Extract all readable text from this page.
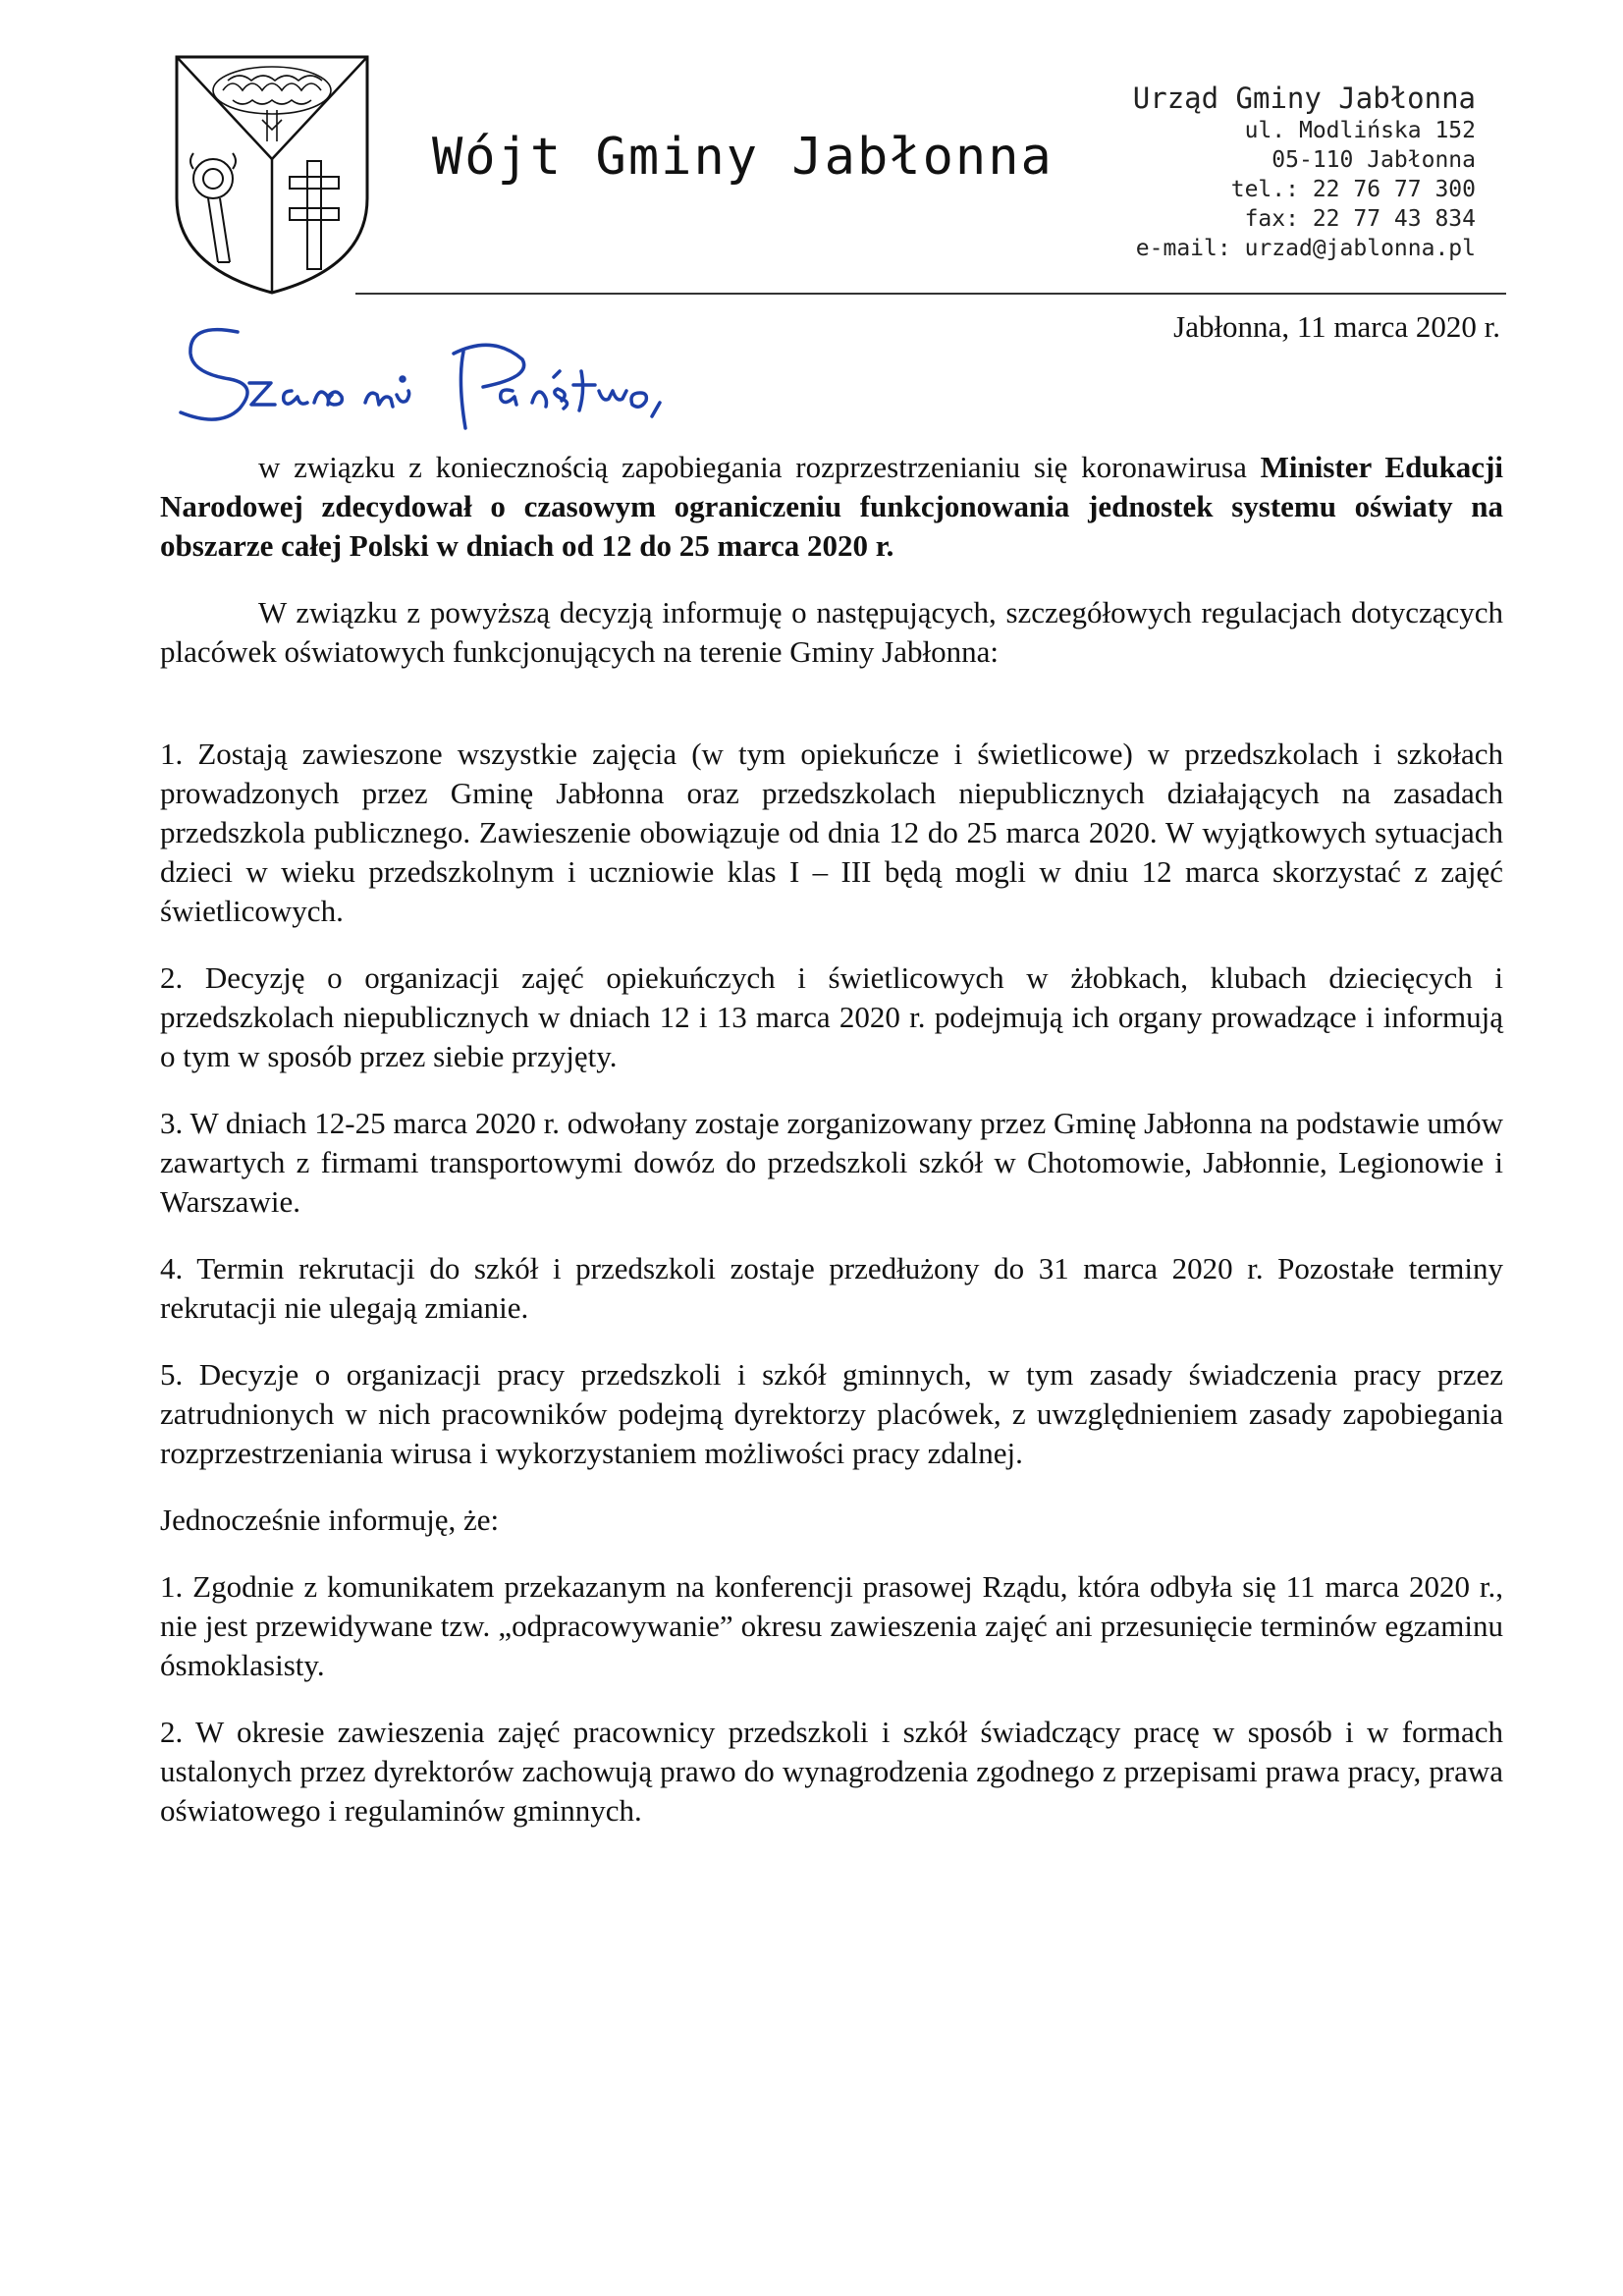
Wójt Gminy Jabłonna
Urząd Gminy Jabłonna
ul. Modlińska 152
05-110 Jabłonna
tel.: 22 76 77 300
fax: 22 77 43 834
e-mail: urzad@jablonna.pl
Jabłonna, 11 marca 2020 r.

w związku z koniecznością zapobiegania rozprzestrzenianiu się koronawirusa Minister Edukacji Narodowej zdecydował o czasowym ograniczeniu funkcjonowania jednostek systemu oświaty na obszarze całej Polski w dniach od 12 do 25 marca 2020 r.

W związku z powyższą decyzją informuję o następujących, szczegółowych regulacjach dotyczących placówek oświatowych funkcjonujących na terenie Gminy Jabłonna:

1. Zostają zawieszone wszystkie zajęcia (w tym opiekuńcze i świetlicowe) w przedszkolach i szkołach prowadzonych przez Gminę Jabłonna oraz przedszkolach niepublicznych działających na zasadach przedszkola publicznego. Zawieszenie obowiązuje od dnia 12 do 25 marca 2020. W wyjątkowych sytuacjach dzieci w wieku przedszkolnym i uczniowie klas I – III będą mogli w dniu 12 marca skorzystać z zajęć świetlicowych.

2. Decyzję o organizacji zajęć opiekuńczych i świetlicowych w żłobkach, klubach dziecięcych i przedszkolach niepublicznych w dniach 12 i 13 marca 2020 r. podejmują ich organy prowadzące i informują o tym w sposób przez siebie przyjęty.

3. W dniach 12-25 marca 2020 r. odwołany zostaje zorganizowany przez Gminę Jabłonna na podstawie umów zawartych z firmami transportowymi dowóz do przedszkoli szkół w Chotomowie, Jabłonnie, Legionowie i Warszawie.

4. Termin rekrutacji do szkół i przedszkoli zostaje przedłużony do 31 marca 2020 r. Pozostałe terminy rekrutacji nie ulegają zmianie.

5. Decyzje o organizacji pracy przedszkoli i szkół gminnych, w tym zasady świadczenia pracy przez zatrudnionych w nich pracowników podejmą dyrektorzy placówek, z uwzględnieniem zasady zapobiegania rozprzestrzeniania wirusa i wykorzystaniem możliwości pracy zdalnej.

Jednocześnie informuję, że:

1. Zgodnie z komunikatem przekazanym na konferencji prasowej Rządu, która odbyła się 11 marca 2020 r., nie jest przewidywane tzw. „odpracowywanie” okresu zawieszenia zajęć ani przesunięcie terminów egzaminu ósmoklasisty.

2. W okresie zawieszenia zajęć pracownicy przedszkoli i szkół świadczący pracę w sposób i w formach ustalonych przez dyrektorów zachowują prawo do wynagrodzenia zgodnego z przepisami prawa pracy, prawa oświatowego i regulaminów gminnych.
